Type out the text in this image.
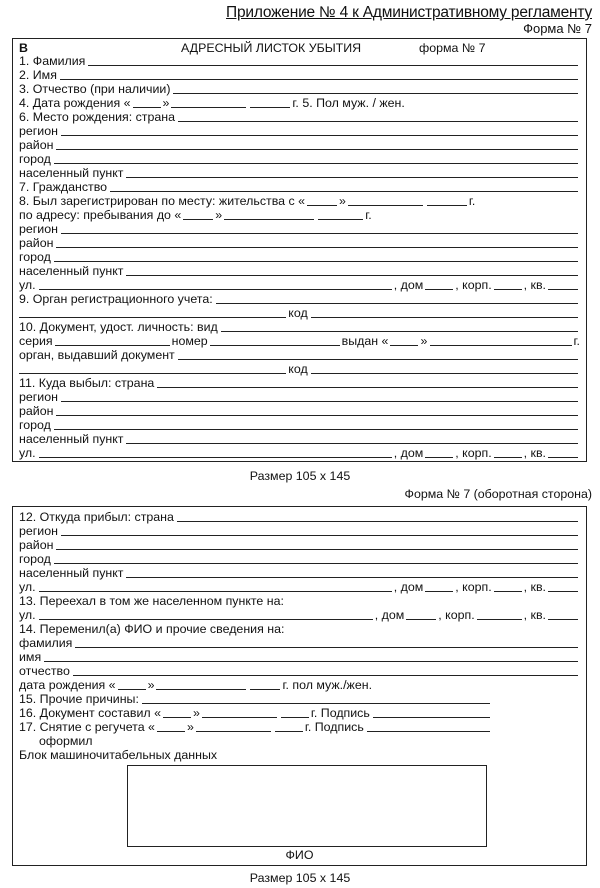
Приложение № 4 к Административному регламенту
Форма № 7
В	АДРЕСНЫЙ ЛИСТОК УБЫТИЯ	форма № 7
1. Фамилия
2. Имя
3. Отчество (при наличии)
4. Дата рождения «	»	г. 5. Пол муж. / жен.
6. Место рождения: страна
регион
район
город
населенный пункт
7. Гражданство
8. Был зарегистрирован по месту: жительства с «	»	г.
по адресу: пребывания до «	»	г.
регион
район
город
населенный пункт
ул.	, дом	, корп.	, кв.
9. Орган регистрационного учета:
код
10. Документ, удост. личность: вид
серия	номер	выдан «	»	г.
орган, выдавший документ
код
11. Куда выбыл: страна
регион
район
город
населенный пункт
ул.	, дом	, корп.	, кв.
Размер 105 х 145
Форма № 7 (оборотная сторона)
12. Откуда прибыл: страна
регион
район
город
населенный пункт
ул.	, дом	, корп.	, кв.
13. Переехал в том же населенном пункте на:
ул.	, дом	, корп.	, кв.
14. Переменил(а) ФИО и прочие сведения на:
фамилия
имя
отчество
дата рождения «	»	г. пол муж./жен.
15. Прочие причины:
16. Документ составил «	»	г. Подпись
17. Снятие с регучета «	»	г. Подпись
оформил
Блок машиночитабельных данных
ФИО
Размер 105 х 145
